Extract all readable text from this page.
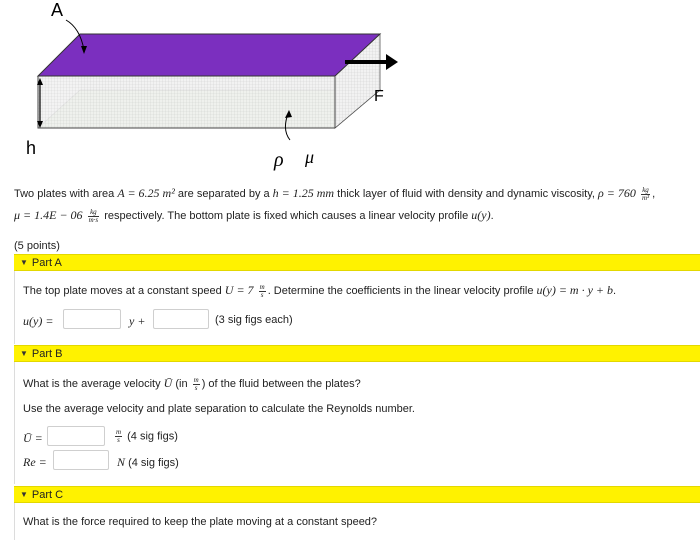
A
F
h
ρ μ
Two plates with area A = 6.25 m² are separated by a h = 1.25 mm thick layer of fluid with density and dynamic viscosity, $\rho = 760 \frac{kg}{\text{m³}}$ ,
$\mu = 1.4E - 06 \frac{kg}{m\cdot s}$ respectively. The bottom plate is fixed which causes a linear velocity profile u(y).
(5 points)
▼ Part A
The top plate moves at a constant speed $U = 7 \frac{m}{s}$ . Determine the coefficients in the linear velocity profile u(y) = m · y + b.
u(y) =	y +	(3 sig figs each)
▼ Part B
What is the average velocity Ū ($in \frac{m}{s}$ ) of the fluid between the plates?
Use the average velocity and plate separation to calculate the Reynolds number.
Ū =	$\frac{m}{s} (4$ sig figs)
Re =	N (4 sig figs)
▼ Part C
What is the force required to keep the plate moving at a constant speed?
